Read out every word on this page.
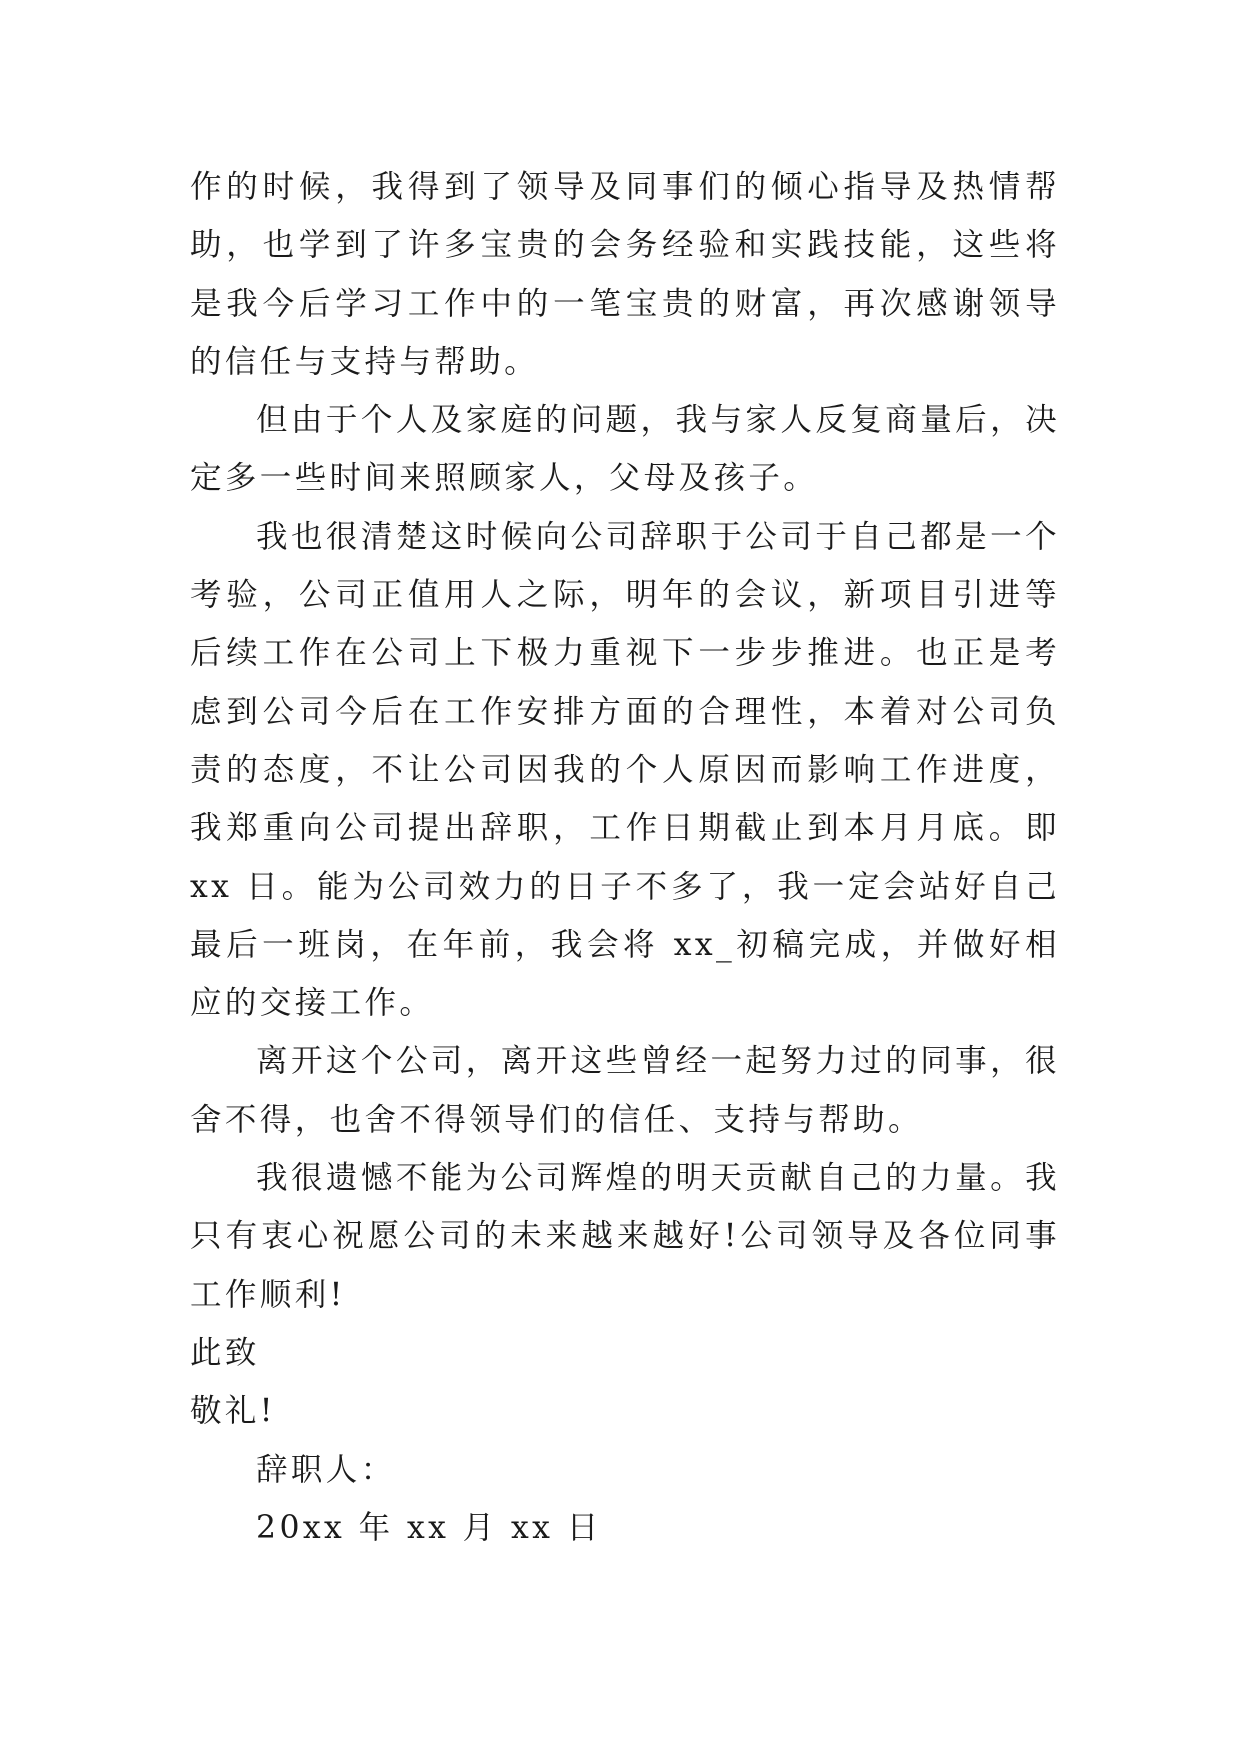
作的时候，我得到了领导及同事们的倾心指导及热情帮助，也学到了许多宝贵的会务经验和实践技能，这些将是我今后学习工作中的一笔宝贵的财富，再次感谢领导的信任与支持与帮助。

但由于个人及家庭的问题，我与家人反复商量后，决定多一些时间来照顾家人，父母及孩子。

我也很清楚这时候向公司辞职于公司于自己都是一个考验，公司正值用人之际，明年的会议，新项目引进等后续工作在公司上下极力重视下一步步推进。也正是考虑到公司今后在工作安排方面的合理性，本着对公司负责的态度，不让公司因我的个人原因而影响工作进度，我郑重向公司提出辞职，工作日期截止到本月月底。即 xx 日。能为公司效力的日子不多了，我一定会站好自己最后一班岗，在年前，我会将 xx_初稿完成，并做好相应的交接工作。

离开这个公司，离开这些曾经一起努力过的同事，很舍不得，也舍不得领导们的信任、支持与帮助。

我很遗憾不能为公司辉煌的明天贡献自己的力量。我只有衷心祝愿公司的未来越来越好!公司领导及各位同事工作顺利!

此致

敬礼!

辞职人：

20xx 年 xx 月 xx 日
